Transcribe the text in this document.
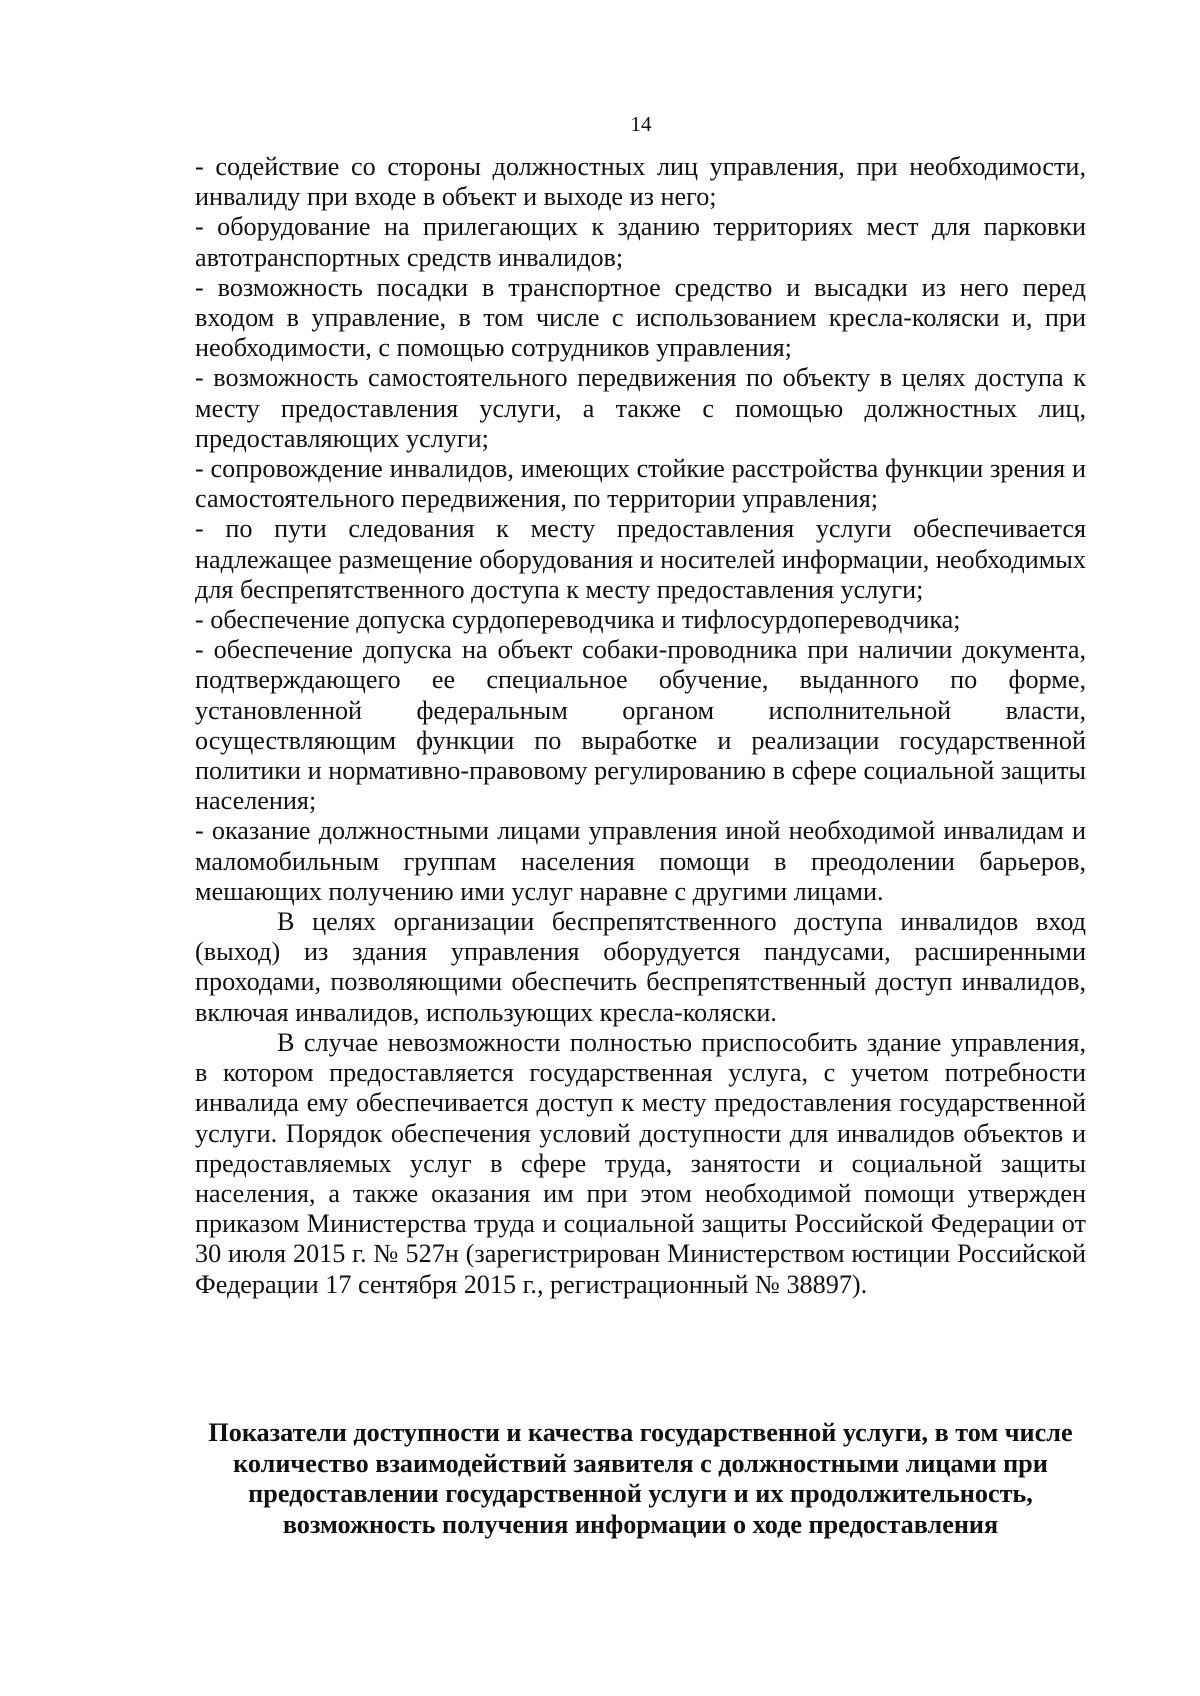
14

- содействие со стороны должностных лиц управления, при необходимости, инвалиду при входе в объект и выходе из него;

- оборудование на прилегающих к зданию территориях мест для парковки автотранспортных средств инвалидов;

- возможность посадки в транспортное средство и высадки из него перед входом в управление, в том числе с использованием кресла-коляски и, при необходимости, с помощью сотрудников управления;

- возможность самостоятельного передвижения по объекту в целях доступа к месту предоставления услуги, а также с помощью должностных лиц, предоставляющих услуги;

- сопровождение инвалидов, имеющих стойкие расстройства функции зрения и самостоятельного передвижения, по территории управления;

- по пути следования к месту предоставления услуги обеспечивается надлежащее размещение оборудования и носителей информации, необходимых для беспрепятственного доступа к месту предоставления услуги;

- обеспечение допуска сурдопереводчика и тифлосурдопереводчика;

- обеспечение допуска на объект собаки-проводника при наличии документа, подтверждающего ее специальное обучение, выданного по форме, установленной федеральным органом исполнительной власти, осуществляющим функции по выработке и реализации государственной политики и нормативно-правовому регулированию в сфере социальной защиты населения;

- оказание должностными лицами управления иной необходимой инвалидам и маломобильным группам населения помощи в преодолении барьеров, мешающих получению ими услуг наравне с другими лицами.

В целях организации беспрепятственного доступа инвалидов вход (выход) из здания управления оборудуется пандусами, расширенными проходами, позволяющими обеспечить беспрепятственный доступ инвалидов, включая инвалидов, использующих кресла-коляски.

В случае невозможности полностью приспособить здание управления, в котором предоставляется государственная услуга, с учетом потребности инвалида ему обеспечивается доступ к месту предоставления государственной услуги. Порядок обеспечения условий доступности для инвалидов объектов и предоставляемых услуг в сфере труда, занятости и социальной защиты населения, а также оказания им при этом необходимой помощи утвержден приказом Министерства труда и социальной защиты Российской Федерации от 30 июля 2015 г. № 527н (зарегистрирован Министерством юстиции Российской Федерации 17 сентября 2015 г., регистрационный № 38897).

Показатели доступности и качества государственной услуги, в том числе количество взаимодействий заявителя с должностными лицами при предоставлении государственной услуги и их продолжительность, возможность получения информации о ходе предоставления
